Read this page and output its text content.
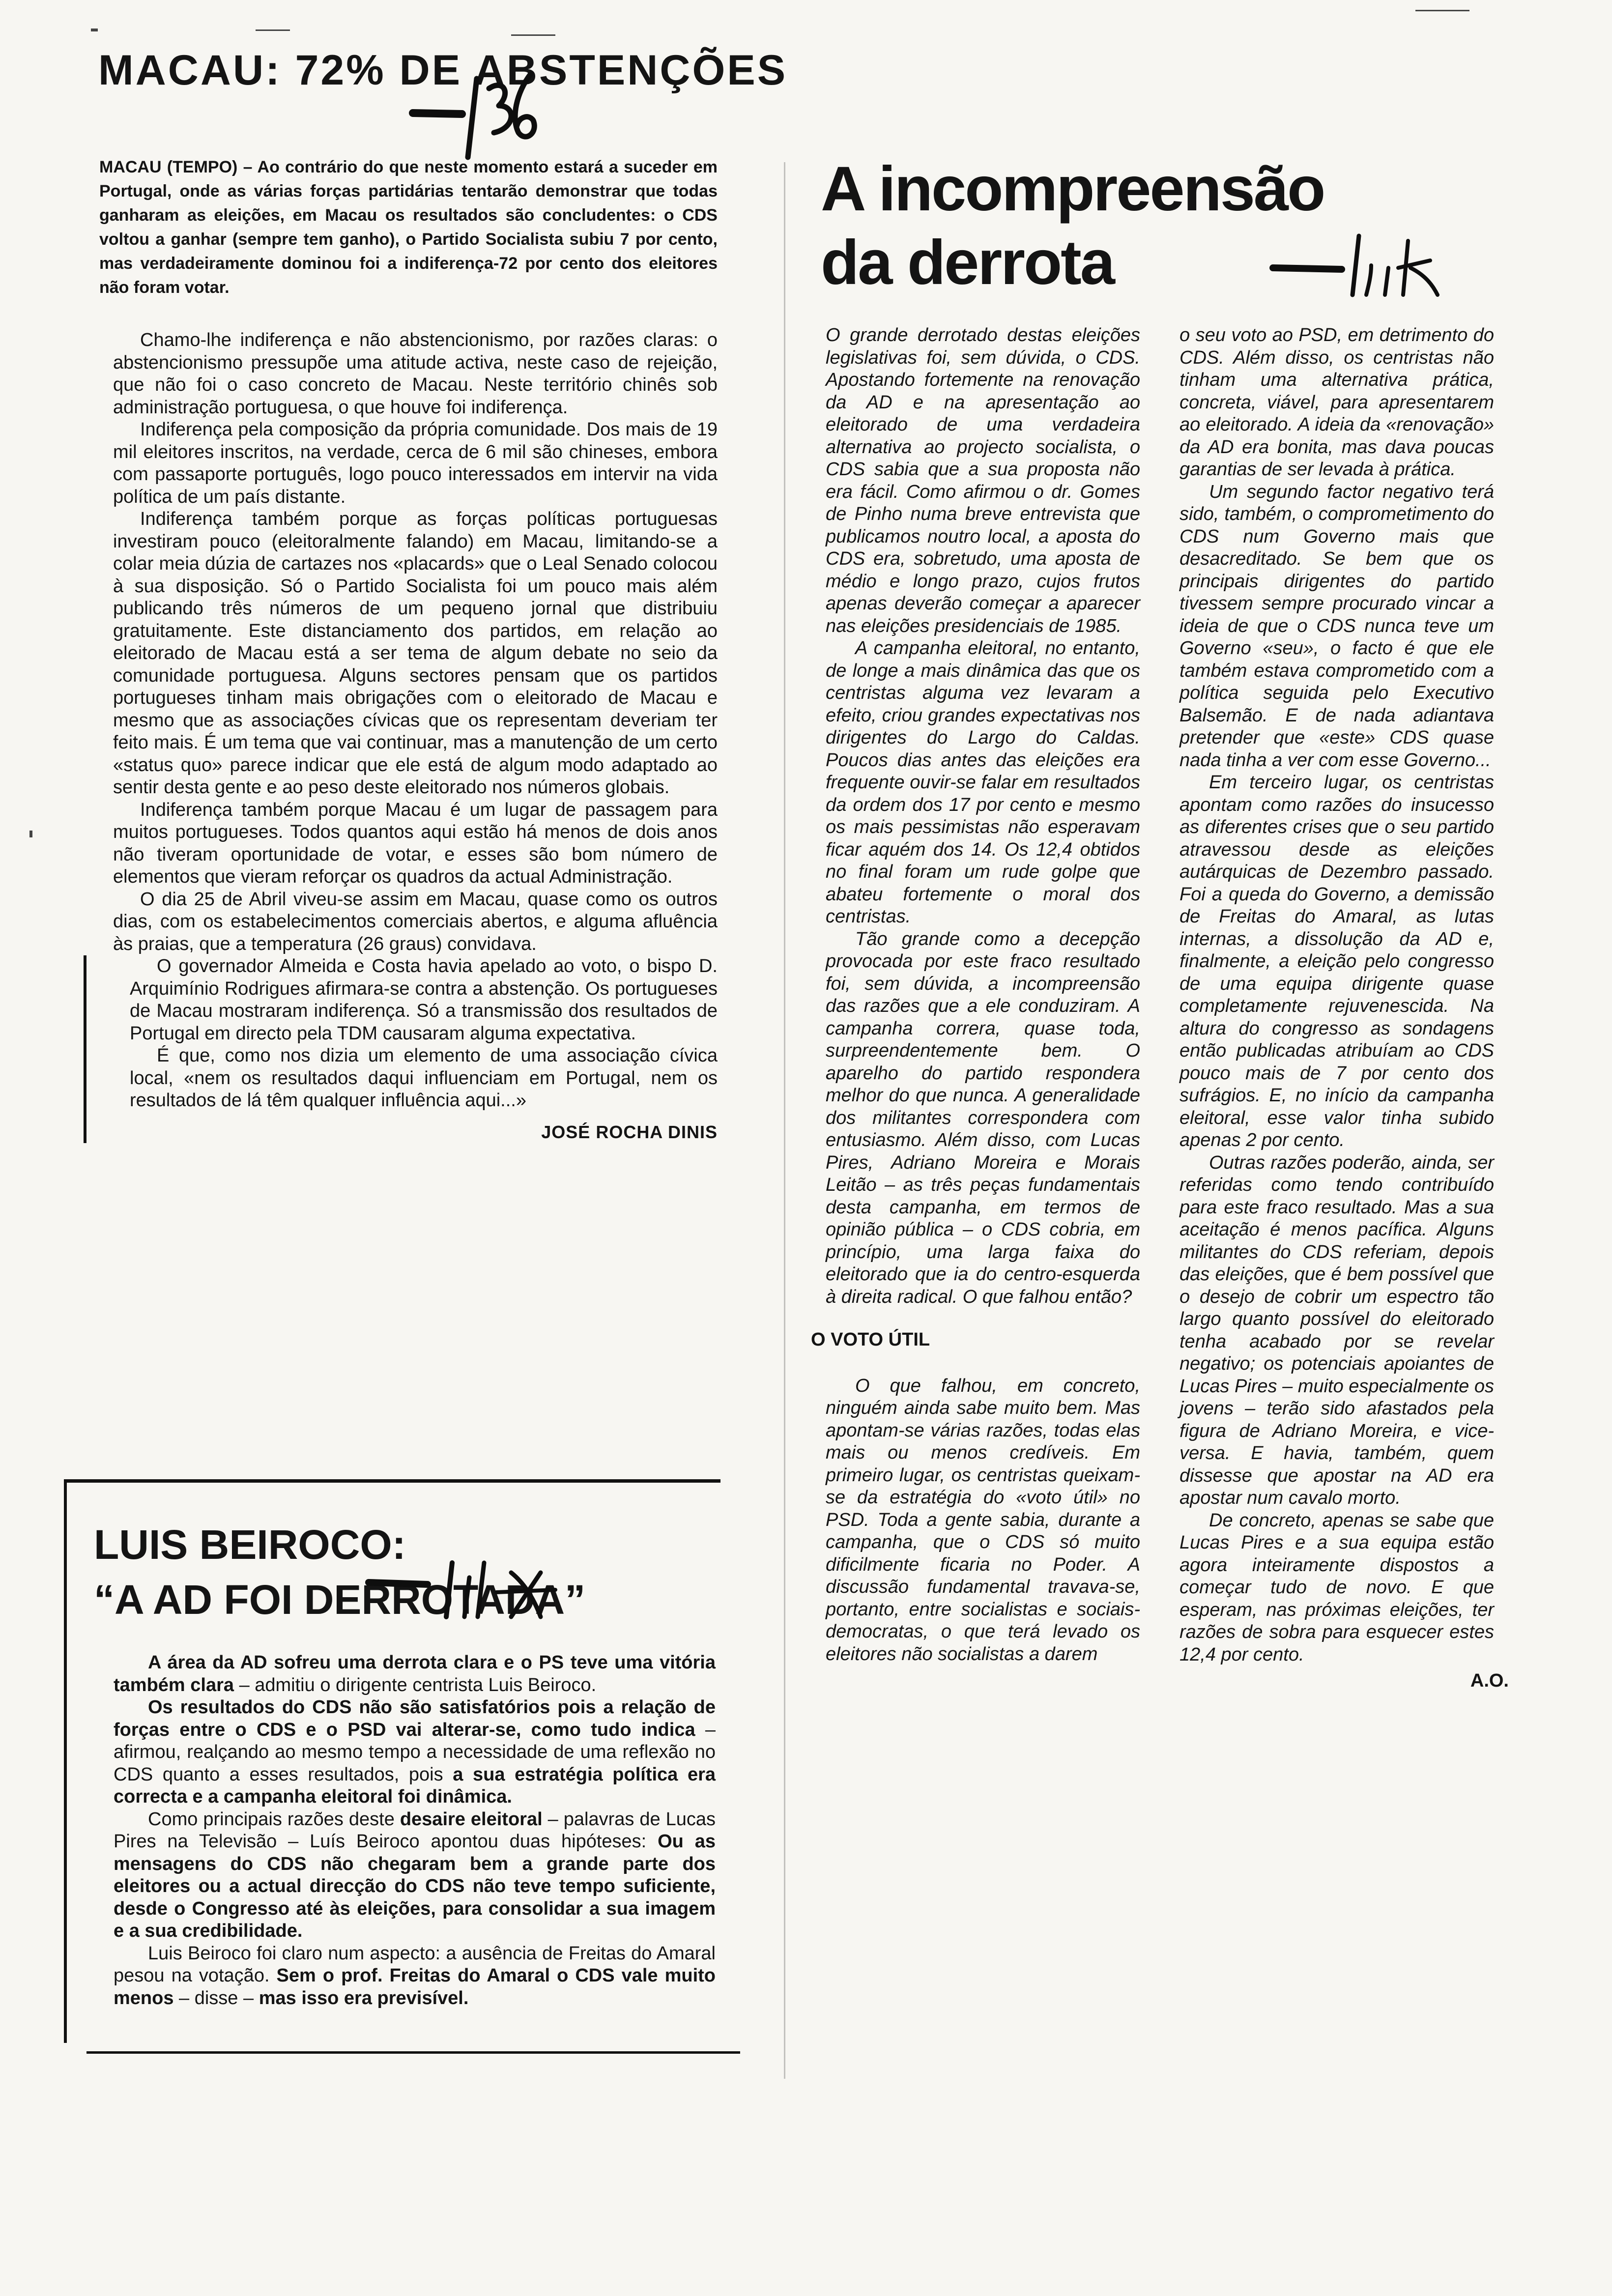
MACAU: 72% DE ABSTENÇÕES
MACAU (TEMPO) – Ao contrário do que neste momento estará a suceder em Portugal, onde as várias forças partidárias tentarão demonstrar que todas ganharam as eleições, em Macau os resultados são concludentes: o CDS voltou a ganhar (sempre tem ganho), o Partido Socialista subiu 7 por cento, mas verdadeiramente dominou foi a indiferença-72 por cento dos eleitores não foram votar.

Chamo-lhe indiferença e não abstencionismo, por razões claras: o abstencionismo pressupõe uma atitude activa, neste caso de rejeição, que não foi o caso concreto de Macau. Neste território chinês sob administração portuguesa, o que houve foi indiferença.

Indiferença pela composição da própria comunidade. Dos mais de 19 mil eleitores inscritos, na verdade, cerca de 6 mil são chineses, embora com passaporte português, logo pouco interessados em intervir na vida política de um país distante.

Indiferença também porque as forças políticas portuguesas investiram pouco (eleitoralmente falando) em Macau, limitando-se a colar meia dúzia de cartazes nos «placards» que o Leal Senado colocou à sua disposição. Só o Partido Socialista foi um pouco mais além publicando três números de um pequeno jornal que distribuiu gratuitamente. Este distanciamento dos partidos, em relação ao eleitorado de Macau está a ser tema de algum debate no seio da comunidade portuguesa. Alguns sectores pensam que os partidos portugueses tinham mais obrigações com o eleitorado de Macau e mesmo que as associações cívicas que os representam deveriam ter feito mais. É um tema que vai continuar, mas a manutenção de um certo «status quo» parece indicar que ele está de algum modo adaptado ao sentir desta gente e ao peso deste eleitorado nos números globais.

Indiferença também porque Macau é um lugar de passagem para muitos portugueses. Todos quantos aqui estão há menos de dois anos não tiveram oportunidade de votar, e esses são bom número de elementos que vieram reforçar os quadros da actual Administração.

O dia 25 de Abril viveu-se assim em Macau, quase como os outros dias, com os estabelecimentos comerciais abertos, e alguma afluência às praias, que a temperatura (26 graus) convidava.

O governador Almeida e Costa havia apelado ao voto, o bispo D. Arquimínio Rodrigues afirmara-se contra a abstenção. Os portugueses de Macau mostraram indiferença. Só a transmissão dos resultados de Portugal em directo pela TDM causaram alguma expectativa.

É que, como nos dizia um elemento de uma associação cívica local, «nem os resultados daqui influenciam em Portugal, nem os resultados de lá têm qualquer influência aqui...»

JOSÉ ROCHA DINIS
LUIS BEIROCO:
“A AD FOI DERROTADA”

A área da AD sofreu uma derrota clara e o PS teve uma vitória também clara – admitiu o dirigente centrista Luis Beiroco.

Os resultados do CDS não são satisfatórios pois a relação de forças entre o CDS e o PSD vai alterar-se, como tudo indica – afirmou, realçando ao mesmo tempo a necessidade de uma reflexão no CDS quanto a esses resultados, pois a sua estratégia política era correcta e a campanha eleitoral foi dinâmica.

Como principais razões deste desaire eleitoral – palavras de Lucas Pires na Televisão – Luís Beiroco apontou duas hipóteses: Ou as mensagens do CDS não chegaram bem a grande parte dos eleitores ou a actual direcção do CDS não teve tempo suficiente, desde o Congresso até às eleições, para consolidar a sua imagem e a sua credibilidade.

Luis Beiroco foi claro num aspecto: a ausência de Freitas do Amaral pesou na votação. Sem o prof. Freitas do Amaral o CDS vale muito menos – disse – mas isso era previsível.

A incompreensão
da derrota

O grande derrotado destas eleições legislativas foi, sem dúvida, o CDS. Apostando fortemente na renovação da AD e na apresentação ao eleitorado de uma verdadeira alternativa ao projecto socialista, o CDS sabia que a sua proposta não era fácil. Como afirmou o dr. Gomes de Pinho numa breve entrevista que publicamos noutro local, a aposta do CDS era, sobretudo, uma aposta de médio e longo prazo, cujos frutos apenas deverão começar a aparecer nas eleições presidenciais de 1985.

A campanha eleitoral, no entanto, de longe a mais dinâmica das que os centristas alguma vez levaram a efeito, criou grandes expectativas nos dirigentes do Largo do Caldas. Poucos dias antes das eleições era frequente ouvir-se falar em resultados da ordem dos 17 por cento e mesmo os mais pessimistas não esperavam ficar aquém dos 14. Os 12,4 obtidos no final foram um rude golpe que abateu fortemente o moral dos centristas.

Tão grande como a decepção provocada por este fraco resultado foi, sem dúvida, a incompreensão das razões que a ele conduziram. A campanha correra, quase toda, surpreendentemente bem. O aparelho do partido respondera melhor do que nunca. A generalidade dos militantes correspondera com entusiasmo. Além disso, com Lucas Pires, Adriano Moreira e Morais Leitão – as três peças fundamentais desta campanha, em termos de opinião pública – o CDS cobria, em princípio, uma larga faixa do eleitorado que ia do centro-esquerda à direita radical. O que falhou então?

O VOTO ÚTIL

O que falhou, em concreto, ninguém ainda sabe muito bem. Mas apontam-se várias razões, todas elas mais ou menos credíveis. Em primeiro lugar, os centristas queixam-se da estratégia do «voto útil» no PSD. Toda a gente sabia, durante a campanha, que o CDS só muito dificilmente ficaria no Poder. A discussão fundamental travava-se, portanto, entre socialistas e sociais-democratas, o que terá levado os eleitores não socialistas a darem

o seu voto ao PSD, em detrimento do CDS. Além disso, os centristas não tinham uma alternativa prática, concreta, viável, para apresentarem ao eleitorado. A ideia da «renovação» da AD era bonita, mas dava poucas garantias de ser levada à prática.

Um segundo factor negativo terá sido, também, o comprometimento do CDS num Governo mais que desacreditado. Se bem que os principais dirigentes do partido tivessem sempre procurado vincar a ideia de que o CDS nunca teve um Governo «seu», o facto é que ele também estava comprometido com a política seguida pelo Executivo Balsemão. E de nada adiantava pretender que «este» CDS quase nada tinha a ver com esse Governo...

Em terceiro lugar, os centristas apontam como razões do insucesso as diferentes crises que o seu partido atravessou desde as eleições autárquicas de Dezembro passado. Foi a queda do Governo, a demissão de Freitas do Amaral, as lutas internas, a dissolução da AD e, finalmente, a eleição pelo congresso de uma equipa dirigente quase completamente rejuvenescida. Na altura do congresso as sondagens então publicadas atribuíam ao CDS pouco mais de 7 por cento dos sufrágios. E, no início da campanha eleitoral, esse valor tinha subido apenas 2 por cento.

Outras razões poderão, ainda, ser referidas como tendo contribuído para este fraco resultado. Mas a sua aceitação é menos pacífica. Alguns militantes do CDS referiam, depois das eleições, que é bem possível que o desejo de cobrir um espectro tão largo quanto possível do eleitorado tenha acabado por se revelar negativo; os potenciais apoiantes de Lucas Pires – muito especialmente os jovens – terão sido afastados pela figura de Adriano Moreira, e vice-versa. E havia, também, quem dissesse que apostar na AD era apostar num cavalo morto.

De concreto, apenas se sabe que Lucas Pires e a sua equipa estão agora inteiramente dispostos a começar tudo de novo. E que esperam, nas próximas eleições, ter razões de sobra para esquecer estes 12,4 por cento.

A.O.
